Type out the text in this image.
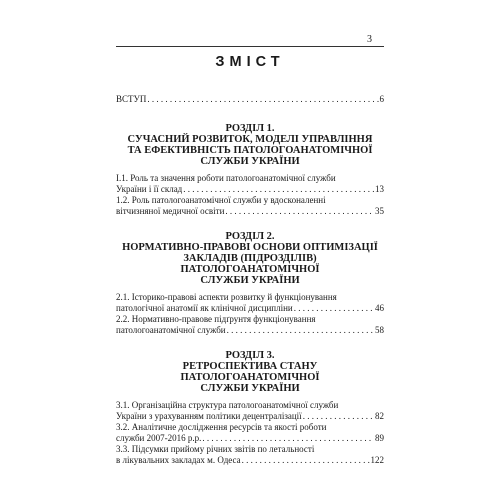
3
ЗМІСТ
ВСТУП . . .	6
РОЗДІЛ 1.
СУЧАСНИЙ РОЗВИТОК, МОДЕЛІ УПРАВЛІННЯ
ТА ЕФЕКТИВНІСТЬ ПАТОЛОГОАНАТОМІЧНОЇ
СЛУЖБИ УКРАЇНИ
І.1. Роль та значення роботи патологоанатомічної служби
України і її склад . . .	13
1.2. Роль патологоанатомічної служби у вдосконаленні
вітчизняної медичної освіти . . .	35
РОЗДІЛ 2.
НОРМАТИВНО-ПРАВОВІ ОСНОВИ ОПТИМІЗАЦІЇ
ЗАКЛАДІВ (ПІДРОЗДІЛІВ) ПАТОЛОГОАНАТОМІЧНОЇ
СЛУЖБИ УКРАЇНИ
2.1. Історико-правові аспекти розвитку й функціонування
патологічної анатомії як клінічної дисципліни . . .	46
2.2. Нормативно-правове підґрунтя функціонування
патологоанатомічної служби . . .	58
РОЗДІЛ 3.
РЕТРОСПЕКТИВА СТАНУ ПАТОЛОГОАНАТОМІЧНОЇ
СЛУЖБИ УКРАЇНИ
3.1. Організаційна структура патологоанатомічної служби
України з урахуванням політики децентралізації . . .	82
3.2. Аналітичне дослідження ресурсів та якості роботи
служби 2007-2016 р.р. . . .	89
3.3. Підсумки прийому річних звітів по летальності
в лікувальних закладах м. Одеса . . .	122
